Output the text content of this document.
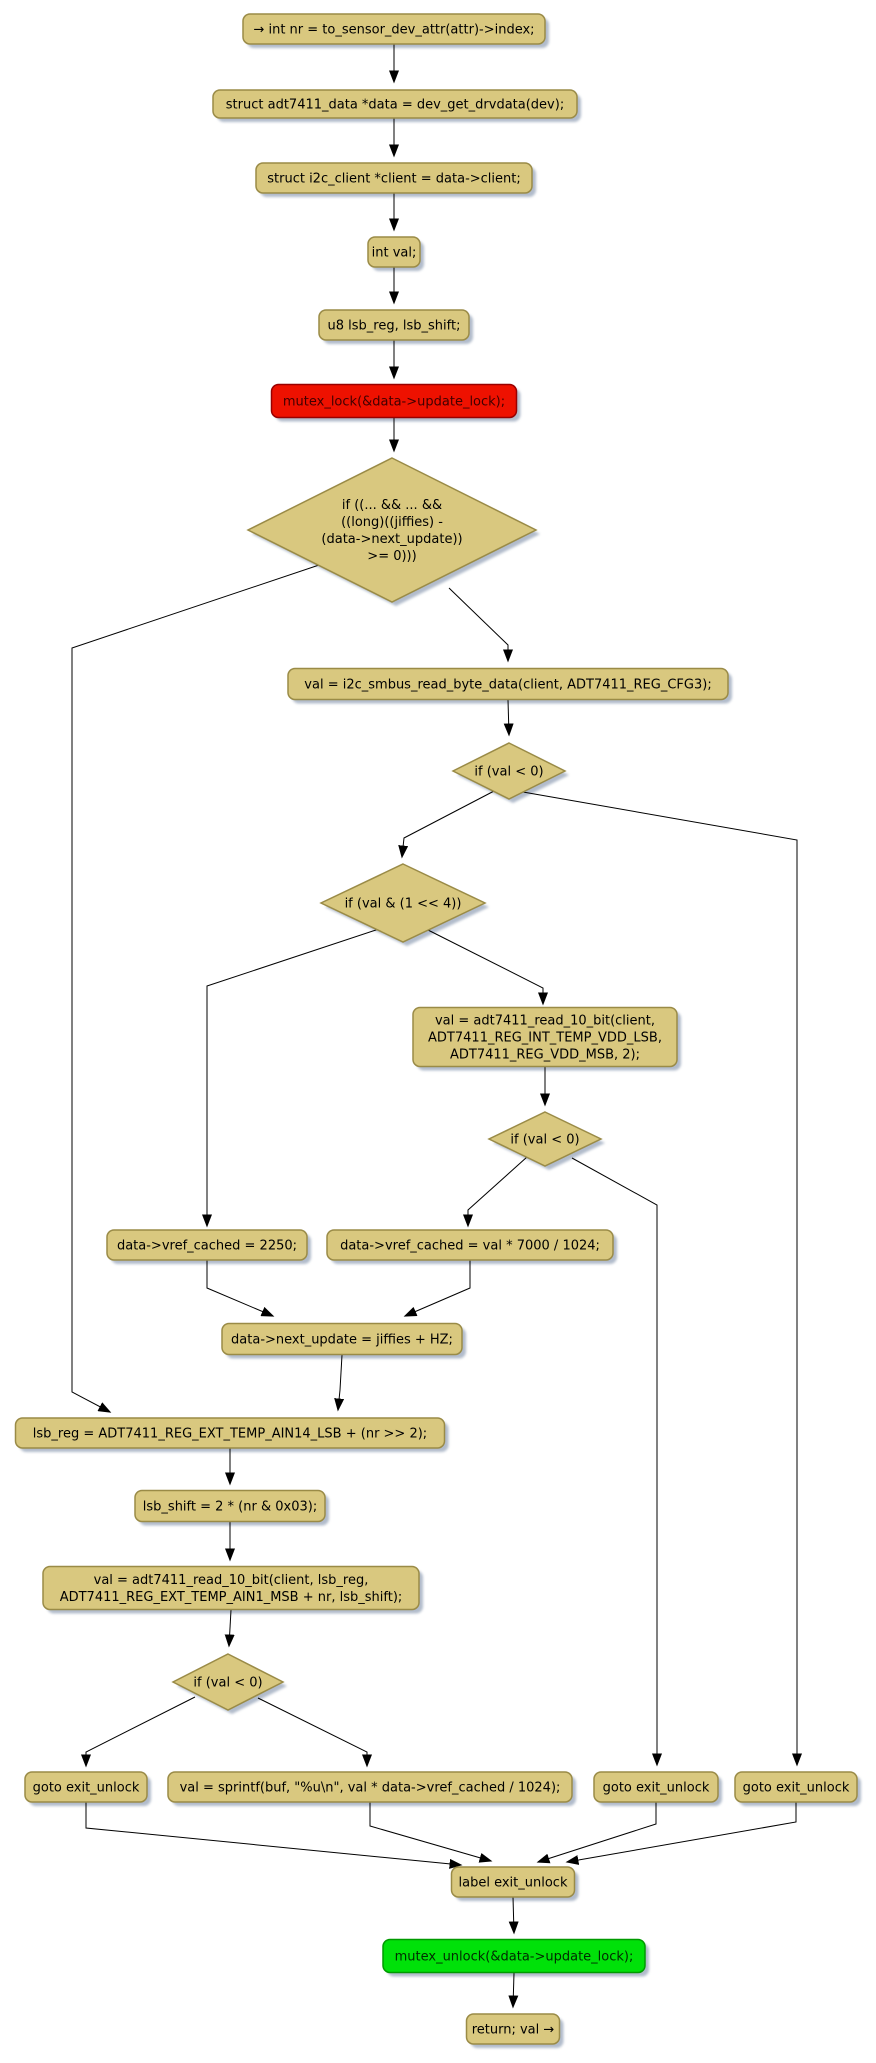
→ int nr = to_sensor_dev_attr(attr)->index;
struct adt7411_data *data = dev_get_drvdata(dev);
struct i2c_client *client = data->client;
int val;
u8 lsb_reg, lsb_shift;
mutex_lock(&data->update_lock);
if ((... && ... && ((long)((jiffies) -(data->next_update)) >= 0)))
val = i2c_smbus_read_byte_data(client, ADT7411_REG_CFG3);
if (val < 0)
if (val & (1 << 4))
val = adt7411_read_10_bit(client, ADT7411_REG_INT_TEMP_VDD_LSB, ADT7411_REG_VDD_MSB, 2);
if (val < 0)
data->vref_cached = 2250;	data->vref_cached = val * 7000 / 1024;
data->next_update = jiffies + HZ;
lsb_reg = ADT7411_REG_EXT_TEMP_AIN14_LSB + (nr >> 2);
lsb_shift = 2 * (nr & 0x03);
val = adt7411_read_10_bit(client, lsb_reg, ADT7411_REG_EXT_TEMP_AIN1_MSB + nr, lsb_shift);
if (val < 0)
goto exit_unlock	val = sprintf(buf, "%u\n", val * data->vref_cached / 1024);	goto exit_unlock	goto exit_unlock
label exit_unlock
mutex_unlock(&data->update_lock);
return; val →
